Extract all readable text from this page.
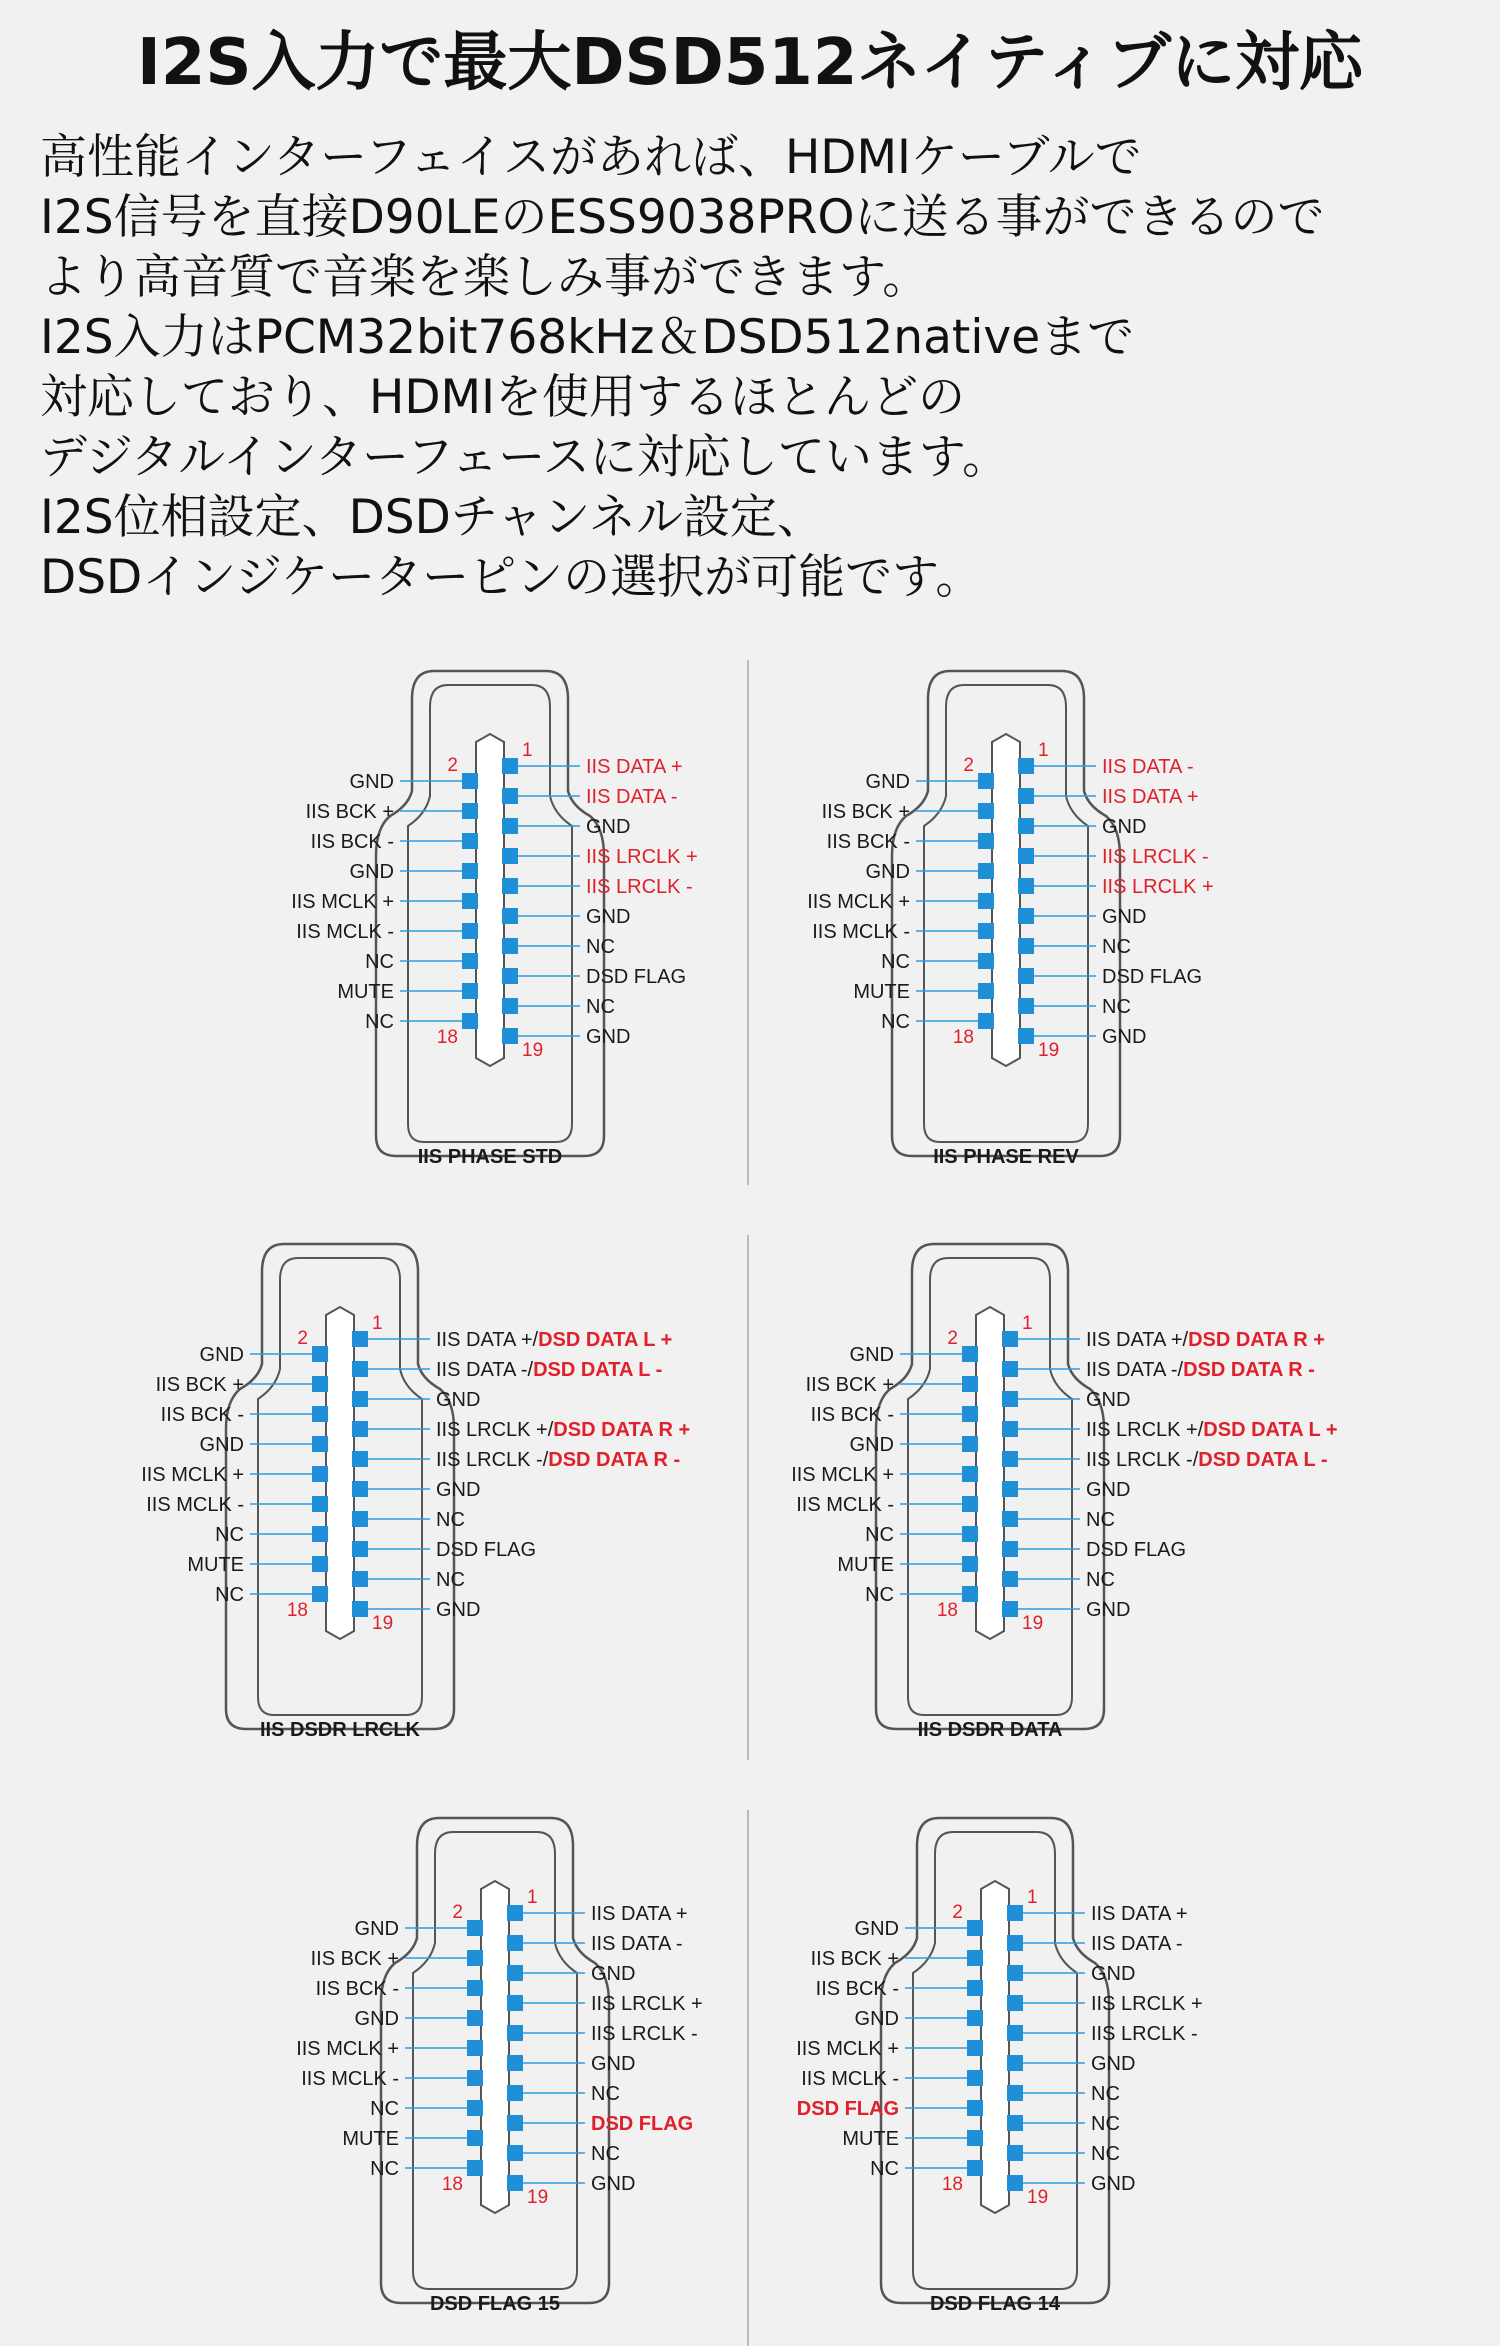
I2S入力で最大DSD512ネイティブに対応
高性能インターフェイスがあれば、HDMIケーブルで
I2S信号を直接D90LEのESS9038PROに送る事ができるので
より高音質で音楽を楽しみ事ができます。
I2S入力はPCM32bit768kHz＆DSD512nativeまで
対応しており、HDMIを使用するほとんどの
デジタルインターフェースに対応しています。
I2S位相設定、DSDチャンネル設定、
DSDインジケーターピンの選択が可能です。
IIS DATA +
IIS DATA -
GND
IIS LRCLK +
IIS LRCLK -
GND
NC
DSD FLAG
NC
GND
GND
IIS BCK +
IIS BCK -
GND
IIS MCLK +
IIS MCLK -
NC
MUTE
NC
1
2
18
19
IIS PHASE STD
IIS DATA -
IIS DATA +
GND
IIS LRCLK -
IIS LRCLK +
GND
NC
DSD FLAG
NC
GND
GND
IIS BCK +
IIS BCK -
GND
IIS MCLK +
IIS MCLK -
NC
MUTE
NC
1
2
18
19
IIS PHASE REV
IIS DATA +/DSD DATA L +
IIS DATA -/DSD DATA L -
GND
IIS LRCLK +/DSD DATA R +
IIS LRCLK -/DSD DATA R -
GND
NC
DSD FLAG
NC
GND
GND
IIS BCK +
IIS BCK -
GND
IIS MCLK +
IIS MCLK -
NC
MUTE
NC
1
2
18
19
IIS DSDR LRCLK
IIS DATA +/DSD DATA R +
IIS DATA -/DSD DATA R -
GND
IIS LRCLK +/DSD DATA L +
IIS LRCLK -/DSD DATA L -
GND
NC
DSD FLAG
NC
GND
GND
IIS BCK +
IIS BCK -
GND
IIS MCLK +
IIS MCLK -
NC
MUTE
NC
1
2
18
19
IIS DSDR DATA
IIS DATA +
IIS DATA -
GND
IIS LRCLK +
IIS LRCLK -
GND
NC
DSD FLAG
NC
GND
GND
IIS BCK +
IIS BCK -
GND
IIS MCLK +
IIS MCLK -
NC
MUTE
NC
1
2
18
19
DSD FLAG 15
IIS DATA +
IIS DATA -
GND
IIS LRCLK +
IIS LRCLK -
GND
NC
NC
NC
GND
GND
IIS BCK +
IIS BCK -
GND
IIS MCLK +
IIS MCLK -
DSD FLAG
MUTE
NC
1
2
18
19
DSD FLAG 14
